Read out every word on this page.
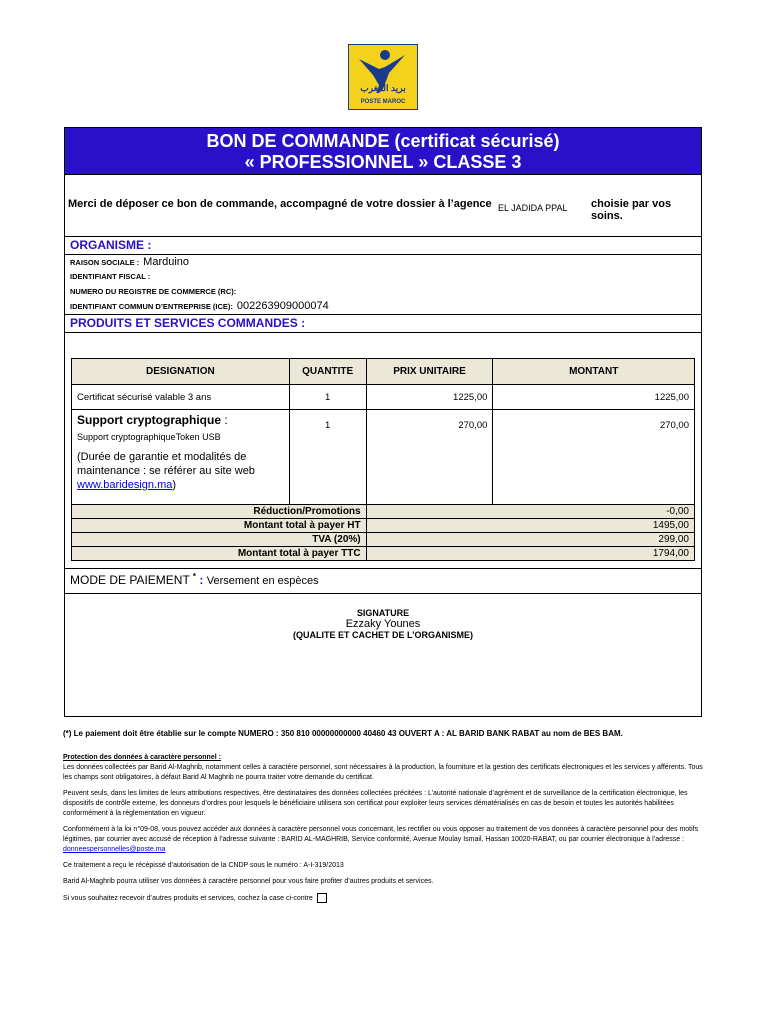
بريد المغرب
POSTE MAROC
BON DE COMMANDE (certificat sécurisé)
« PROFESSIONNEL » CLASSE 3
Merci de déposer ce bon de commande, accompagné de votre dossier à l’agence EL JADIDA PPAL choisie par vos soins.
ORGANISME :
RAISON SOCIALE : Marduino
IDENTIFIANT FISCAL :
NUMERO DU REGISTRE DE COMMERCE (RC):
IDENTIFIANT COMMUN D’ENTREPRISE (ICE): 002263909000074
PRODUITS ET SERVICES COMMANDES :
DESIGNATION	QUANTITE	PRIX UNITAIRE	MONTANT
Certificat sécurisé valable 3 ans	1	1225,00	1225,00

Support cryptographique :
Support cryptographiqueToken USB
(Durée de garantie et modalités de maintenance : se référer au site web www.baridesign.ma)	1	270,00	270,00
Réduction/Promotions		-0,00	
Montant total à payer HT		1495,00	
TVA (20%)		299,00	
Montant total à payer TTC		1794,00	
MODE DE PAIEMENT * : Versement en espèces
SIGNATURE
Ezzaky Younes
(QUALITE ET CACHET DE L’ORGANISME)

(*) Le paiement doit être établie sur le compte NUMERO : 350 810 00000000000 40460 43 OUVERT A : AL BARID BANK RABAT au nom de BES BAM.

Protection des données à caractère personnel :

Les données collectées par Barid Al-Maghrib, notamment celles à caractère personnel, sont nécessaires à la production, la fourniture et la gestion des certificats électroniques et les services y afférents. Tous les champs sont obligatoires, à défaut Barid Al Maghrib ne pourra traiter votre demande du certificat.

Peuvent seuls, dans les limites de leurs attributions respectives, être destinataires des données collectées précitées : L’autorité nationale d’agrément et de surveillance de la certification électronique, les dispositifs de contrôle externe, les donneurs d’ordres pour lesquels le bénéficiaire utilisera son certificat pour exploiter leurs services dématérialisés en cas de besoin et toutes les autorités habilitées conformément à la réglementation en vigueur.

Conformément à la loi n°09-08, vous pouvez accéder aux données à caractère personnel vous concernant, les rectifier ou vous opposer au traitement de vos données à caractère personnel pour des motifs légitimes, par courrier avec accusé de réception à l’adresse suivante : BARID AL-MAGHRIB, Service conformité, Avenue Moulay Ismail, Hassan 10020-RABAT, ou par courrier électronique à l’adresse : donneespersonnelles@poste.ma

Ce traitement a reçu le récépissé d’autorisation de la CNDP sous le numéro : A-I-319/2013

Barid Al-Maghrib pourra utiliser vos données à caractère personnel pour vous faire profiter d’autres produits et services.

Si vous souhaitez recevoir d’autres produits et services, cochez la case ci-contre
